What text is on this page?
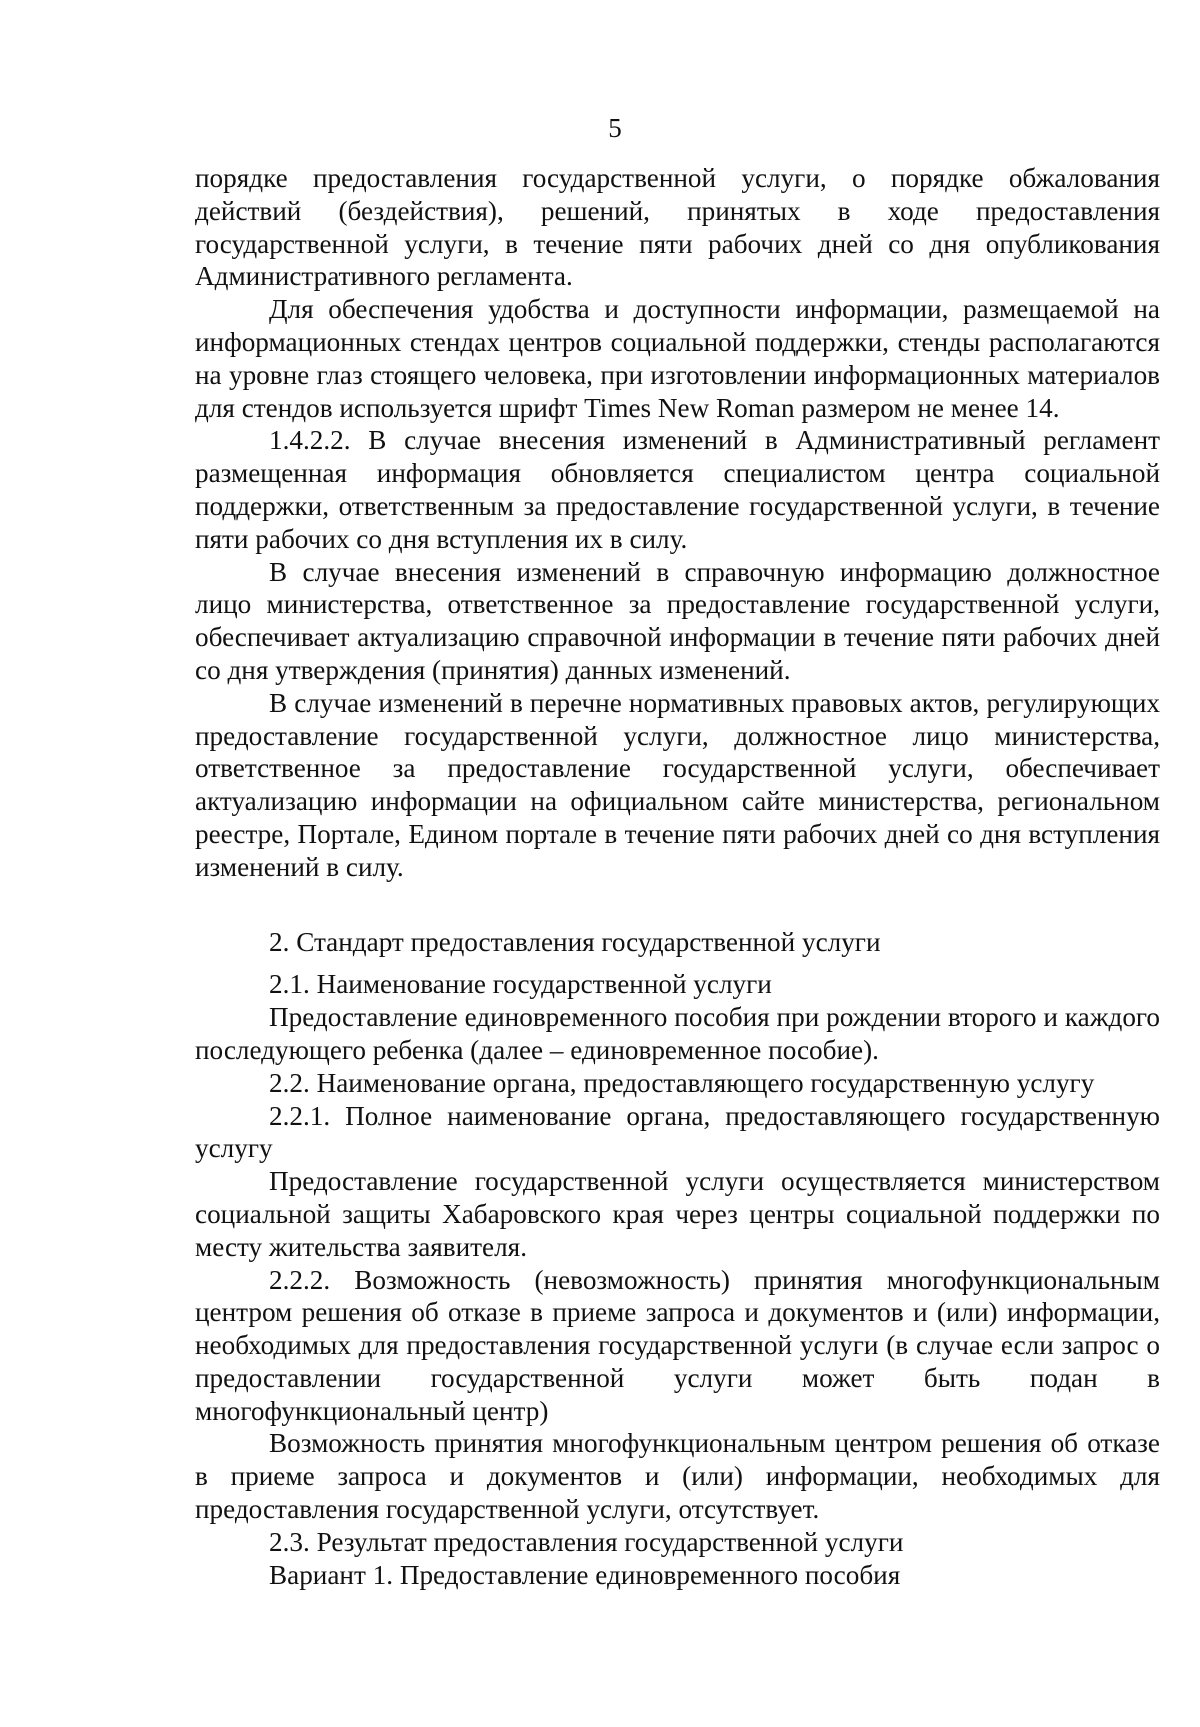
5

порядке предоставления государственной услуги, о порядке обжалования действий (бездействия), решений, принятых в ходе предоставления государственной услуги, в течение пяти рабочих дней со дня опубликования Административного регламента.

Для обеспечения удобства и доступности информации, размещаемой на информационных стендах центров социальной поддержки, стенды располагаются на уровне глаз стоящего человека, при изготовлении информационных материалов для стендов используется шрифт Times New Roman размером не менее 14.

1.4.2.2. В случае внесения изменений в Административный регламент размещенная информация обновляется специалистом центра социальной поддержки, ответственным за предоставление государственной услуги, в течение пяти рабочих со дня вступления их в силу.

В случае внесения изменений в справочную информацию должностное лицо министерства, ответственное за предоставление государственной услуги, обеспечивает актуализацию справочной информации в течение пяти рабочих дней со дня утверждения (принятия) данных изменений.

В случае изменений в перечне нормативных правовых актов, регулирующих предоставление государственной услуги, должностное лицо министерства, ответственное за предоставление государственной услуги, обеспечивает актуализацию информации на официальном сайте министерства, региональном реестре, Портале, Едином портале в течение пяти рабочих дней со дня вступления изменений в силу.

2. Стандарт предоставления государственной услуги

2.1. Наименование государственной услуги

Предоставление единовременного пособия при рождении второго и каждого последующего ребенка (далее – единовременное пособие).

2.2. Наименование органа, предоставляющего государственную услугу

2.2.1. Полное наименование органа, предоставляющего государственную услугу

Предоставление государственной услуги осуществляется министерством социальной защиты Хабаровского края через центры социальной поддержки по месту жительства заявителя.

2.2.2. Возможность (невозможность) принятия многофункциональным центром решения об отказе в приеме запроса и документов и (или) информации, необходимых для предоставления государственной услуги (в случае если запрос о предоставлении государственной услуги может быть подан в многофункциональный центр)

Возможность принятия многофункциональным центром решения об отказе в приеме запроса и документов и (или) информации, необходимых для предоставления государственной услуги, отсутствует.

2.3. Результат предоставления государственной услуги

Вариант 1. Предоставление единовременного пособия
